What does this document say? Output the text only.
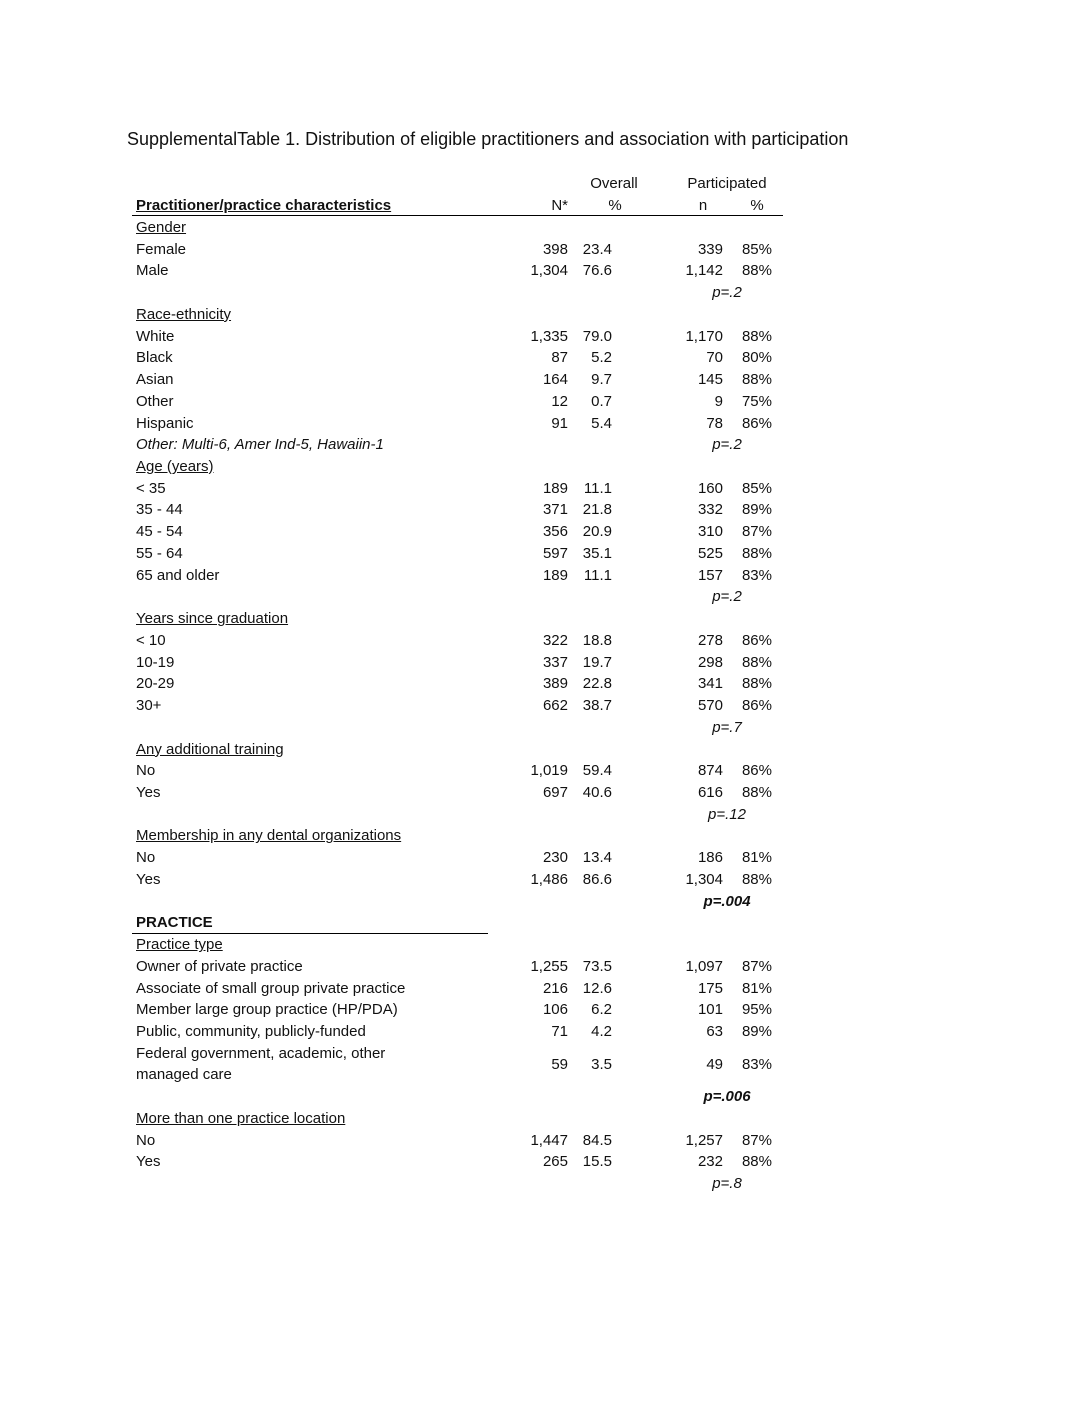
SupplementalTable 1. Distribution of eligible practitioners and association with participation
Overall	Participated
Practitioner/practice characteristics	N*	%	n	%
Gender
Female	398 23.4	339 85%
Male	1,304 76.6	1,142 88%
p=.2
Race-ethnicity
White	1,335 79.0	1,170 88%
Black	87 5.2	70 80%
Asian	164 9.7	145 88%
Other	12 0.7	9 75%
Hispanic	91 5.4	78 86%
Other: Multi-6, Amer Ind-5, Hawaiin-1	p=.2
Age (years)
< 35	189 11.1	160 85%
35 - 44	371 21.8	332 89%
45 - 54	356 20.9	310 87%
55 - 64	597 35.1	525 88%
65 and older	189 11.1	157 83%
p=.2
Years since graduation
< 10	322 18.8	278 86%
10-19	337 19.7	298 88%
20-29	389 22.8	341 88%
30+	662 38.7	570 86%
p=.7
Any additional training
No	1,019 59.4	874 86%
Yes	697 40.6	616 88%
p=.12
Membership in any dental organizations
No	230 13.4	186 81%
Yes	1,486 86.6	1,304 88%
p=.004
PRACTICE
Practice type
Owner of private practice	1,255 73.5	1,097 87%
Associate of small group private practice	216 12.6	175 81%
Member large group practice (HP/PDA)	106 6.2	101 95%
Public, community, publicly-funded	71 4.2	63 89%
Federal government, academic, other
managed care
59 3.5	49 83%
p=.006
More than one practice location
No	1,447 84.5	1,257 87%
Yes	265 15.5	232 88%
p=.8
